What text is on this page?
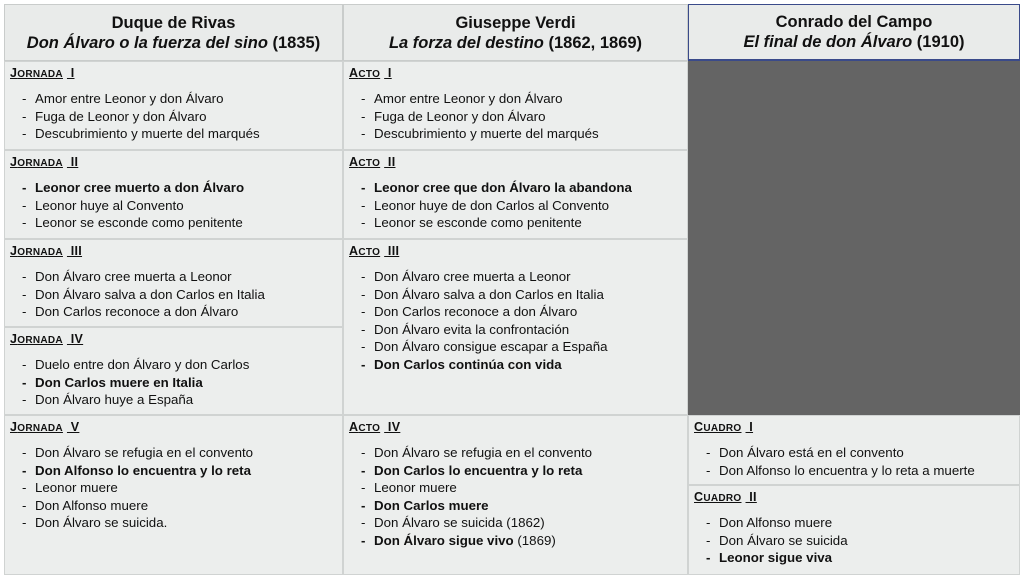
Duque de Rivas
Don Álvaro o la fuerza del sino (1835)
Giuseppe Verdi
La forza del destino (1862, 1869)
Conrado del Campo
El final de don Álvaro (1910)
JORNADA I
- Amor entre Leonor y don Álvaro
- Fuga de Leonor y don Álvaro
- Descubrimiento y muerte del marqués
JORNADA II
- Leonor cree muerto a don Álvaro
- Leonor huye al Convento
- Leonor se esconde como penitente
JORNADA III
- Don Álvaro cree muerta a Leonor
- Don Álvaro salva a don Carlos en Italia
- Don Carlos reconoce a don Álvaro
JORNADA IV
- Duelo entre don Álvaro y don Carlos
- Don Carlos muere en Italia
- Don Álvaro huye a España
JORNADA V
- Don Álvaro se refugia en el convento
- Don Alfonso lo encuentra y lo reta
- Leonor muere
- Don Alfonso muere
- Don Álvaro se suicida.
ACTO I
- Amor entre Leonor y don Álvaro
- Fuga de Leonor y don Álvaro
- Descubrimiento y muerte del marqués
ACTO II
- Leonor cree que don Álvaro la abandona
- Leonor huye de don Carlos al Convento
- Leonor se esconde como penitente
ACTO III
- Don Álvaro cree muerta a Leonor
- Don Álvaro salva a don Carlos en Italia
- Don Carlos reconoce a don Álvaro
- Don Álvaro evita la confrontación
- Don Álvaro consigue escapar a España
- Don Carlos continúa con vida
ACTO IV
- Don Álvaro se refugia en el convento
- Don Carlos lo encuentra y lo reta
- Leonor muere
- Don Carlos muere
- Don Álvaro se suicida (1862)
- Don Álvaro sigue vivo (1869)
CUADRO I
- Don Álvaro está en el convento
- Don Alfonso lo encuentra y lo reta a muerte
CUADRO II
- Don Alfonso muere
- Don Álvaro se suicida
- Leonor sigue viva
